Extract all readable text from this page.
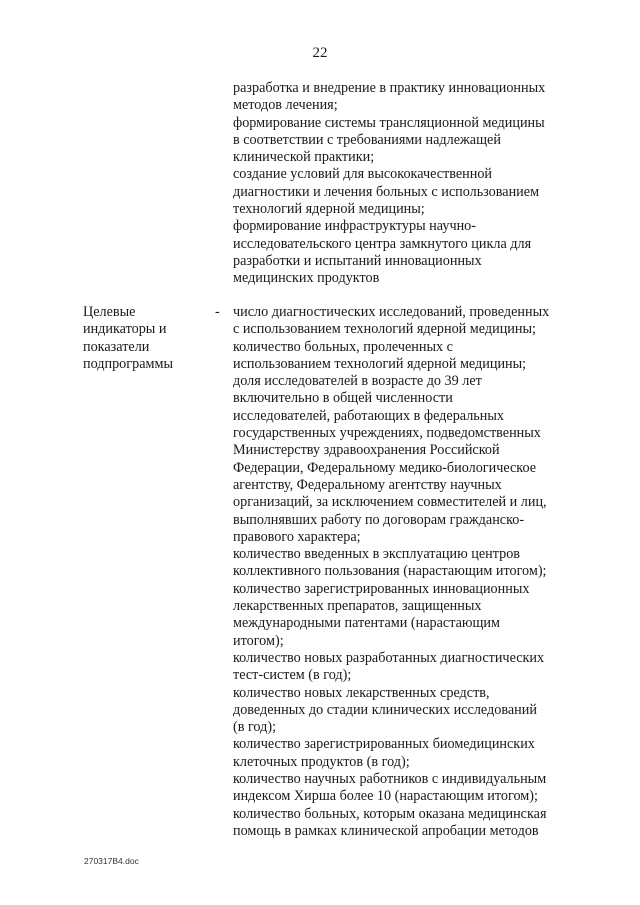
22
разработка и внедрение в практику инновационных
методов лечения;
формирование системы трансляционной медицины
в соответствии с требованиями надлежащей
клинической практики;
создание условий для высококачественной
диагностики и лечения больных с использованием
технологий ядерной медицины;
формирование инфраструктуры научно-
исследовательского центра замкнутого цикла для
разработки и испытаний инновационных
медицинских продуктов
Целевые
индикаторы и
показатели
подпрограммы
- число диагностических исследований, проведенных
с использованием технологий ядерной медицины;
количество больных, пролеченных с
использованием технологий ядерной медицины;
доля исследователей в возрасте до 39 лет
включительно в общей численности
исследователей, работающих в федеральных
государственных учреждениях, подведомственных
Министерству здравоохранения Российской
Федерации, Федеральному медико-биологическое
агентству, Федеральному агентству научных
организаций, за исключением совместителей и лиц,
выполнявших работу по договорам гражданско-
правового характера;
количество введенных в эксплуатацию центров
коллективного пользования (нарастающим итогом);
количество зарегистрированных инновационных
лекарственных препаратов, защищенных
международными патентами (нарастающим
итогом);
количество новых разработанных диагностических
тест-систем (в год);
количество новых лекарственных средств,
доведенных до стадии клинических исследований
(в год);
количество зарегистрированных биомедицинских
клеточных продуктов (в год);
количество научных работников с индивидуальным
индексом Хирша более 10 (нарастающим итогом);
количество больных, которым оказана медицинская
помощь в рамках клинической апробации методов
270317В4.doc
